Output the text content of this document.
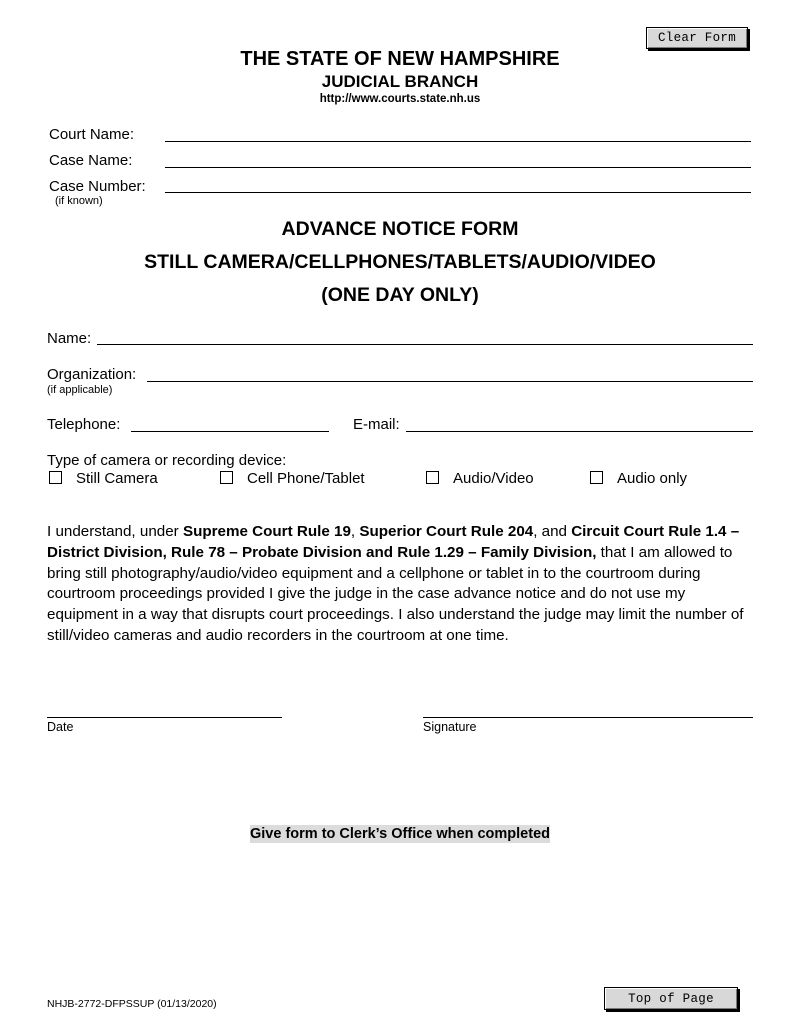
Clear Form
THE STATE OF NEW HAMPSHIRE
JUDICIAL BRANCH
http://www.courts.state.nh.us
Court Name:
Case Name:
Case Number:
(if known)
ADVANCE NOTICE FORM
STILL CAMERA/CELLPHONES/TABLETS/AUDIO/VIDEO
(ONE DAY ONLY)
Name:
Organization:
(if applicable)
Telephone:	E-mail:
Type of camera or recording device:
Still Camera	Cell Phone/Tablet	Audio/Video	Audio only
I understand, under Supreme Court Rule 19, Superior Court Rule 204, and Circuit Court Rule 1.4 – District Division, Rule 78 – Probate Division and Rule 1.29 – Family Division, that I am allowed to bring still photography/audio/video equipment and a cellphone or tablet in to the courtroom during courtroom proceedings provided I give the judge in the case advance notice and do not use my equipment in a way that disrupts court proceedings. I also understand the judge may limit the number of still/video cameras and audio recorders in the courtroom at one time.
Date	Signature
Give form to Clerk’s Office when completed
NHJB-2772-DFPSSUP (01/13/2020)	Top of Page
